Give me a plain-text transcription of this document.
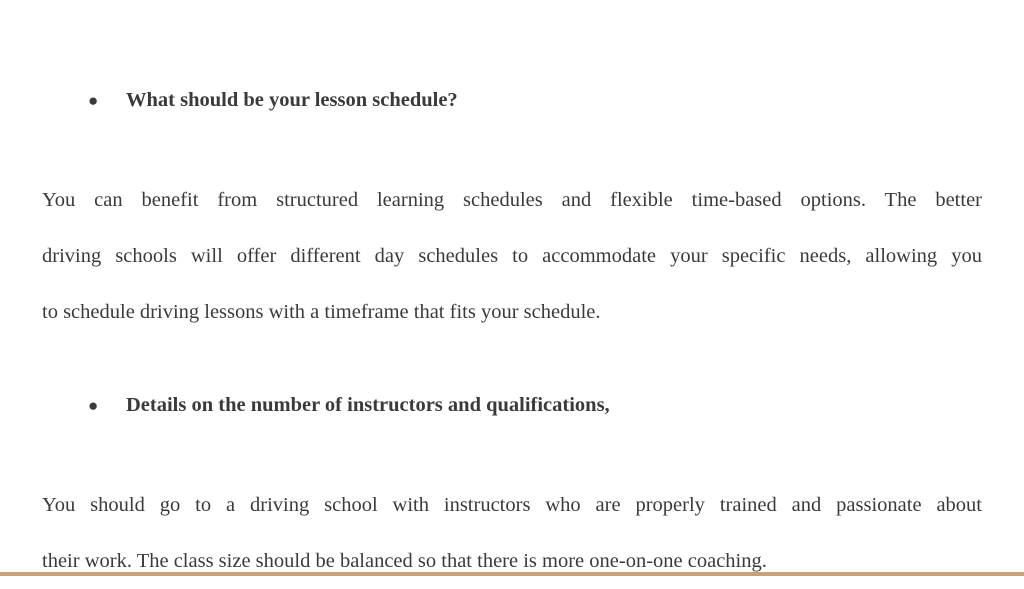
●	What should be your lesson schedule?
You can benefit from structured learning schedules and flexible time-based options. The better
driving schools will offer different day schedules to accommodate your specific needs, allowing you
to schedule driving lessons with a timeframe that fits your schedule.
●	Details on the number of instructors and qualifications,
You should go to a driving school with instructors who are properly trained and passionate about
their work. The class size should be balanced so that there is more one-on-one coaching.
